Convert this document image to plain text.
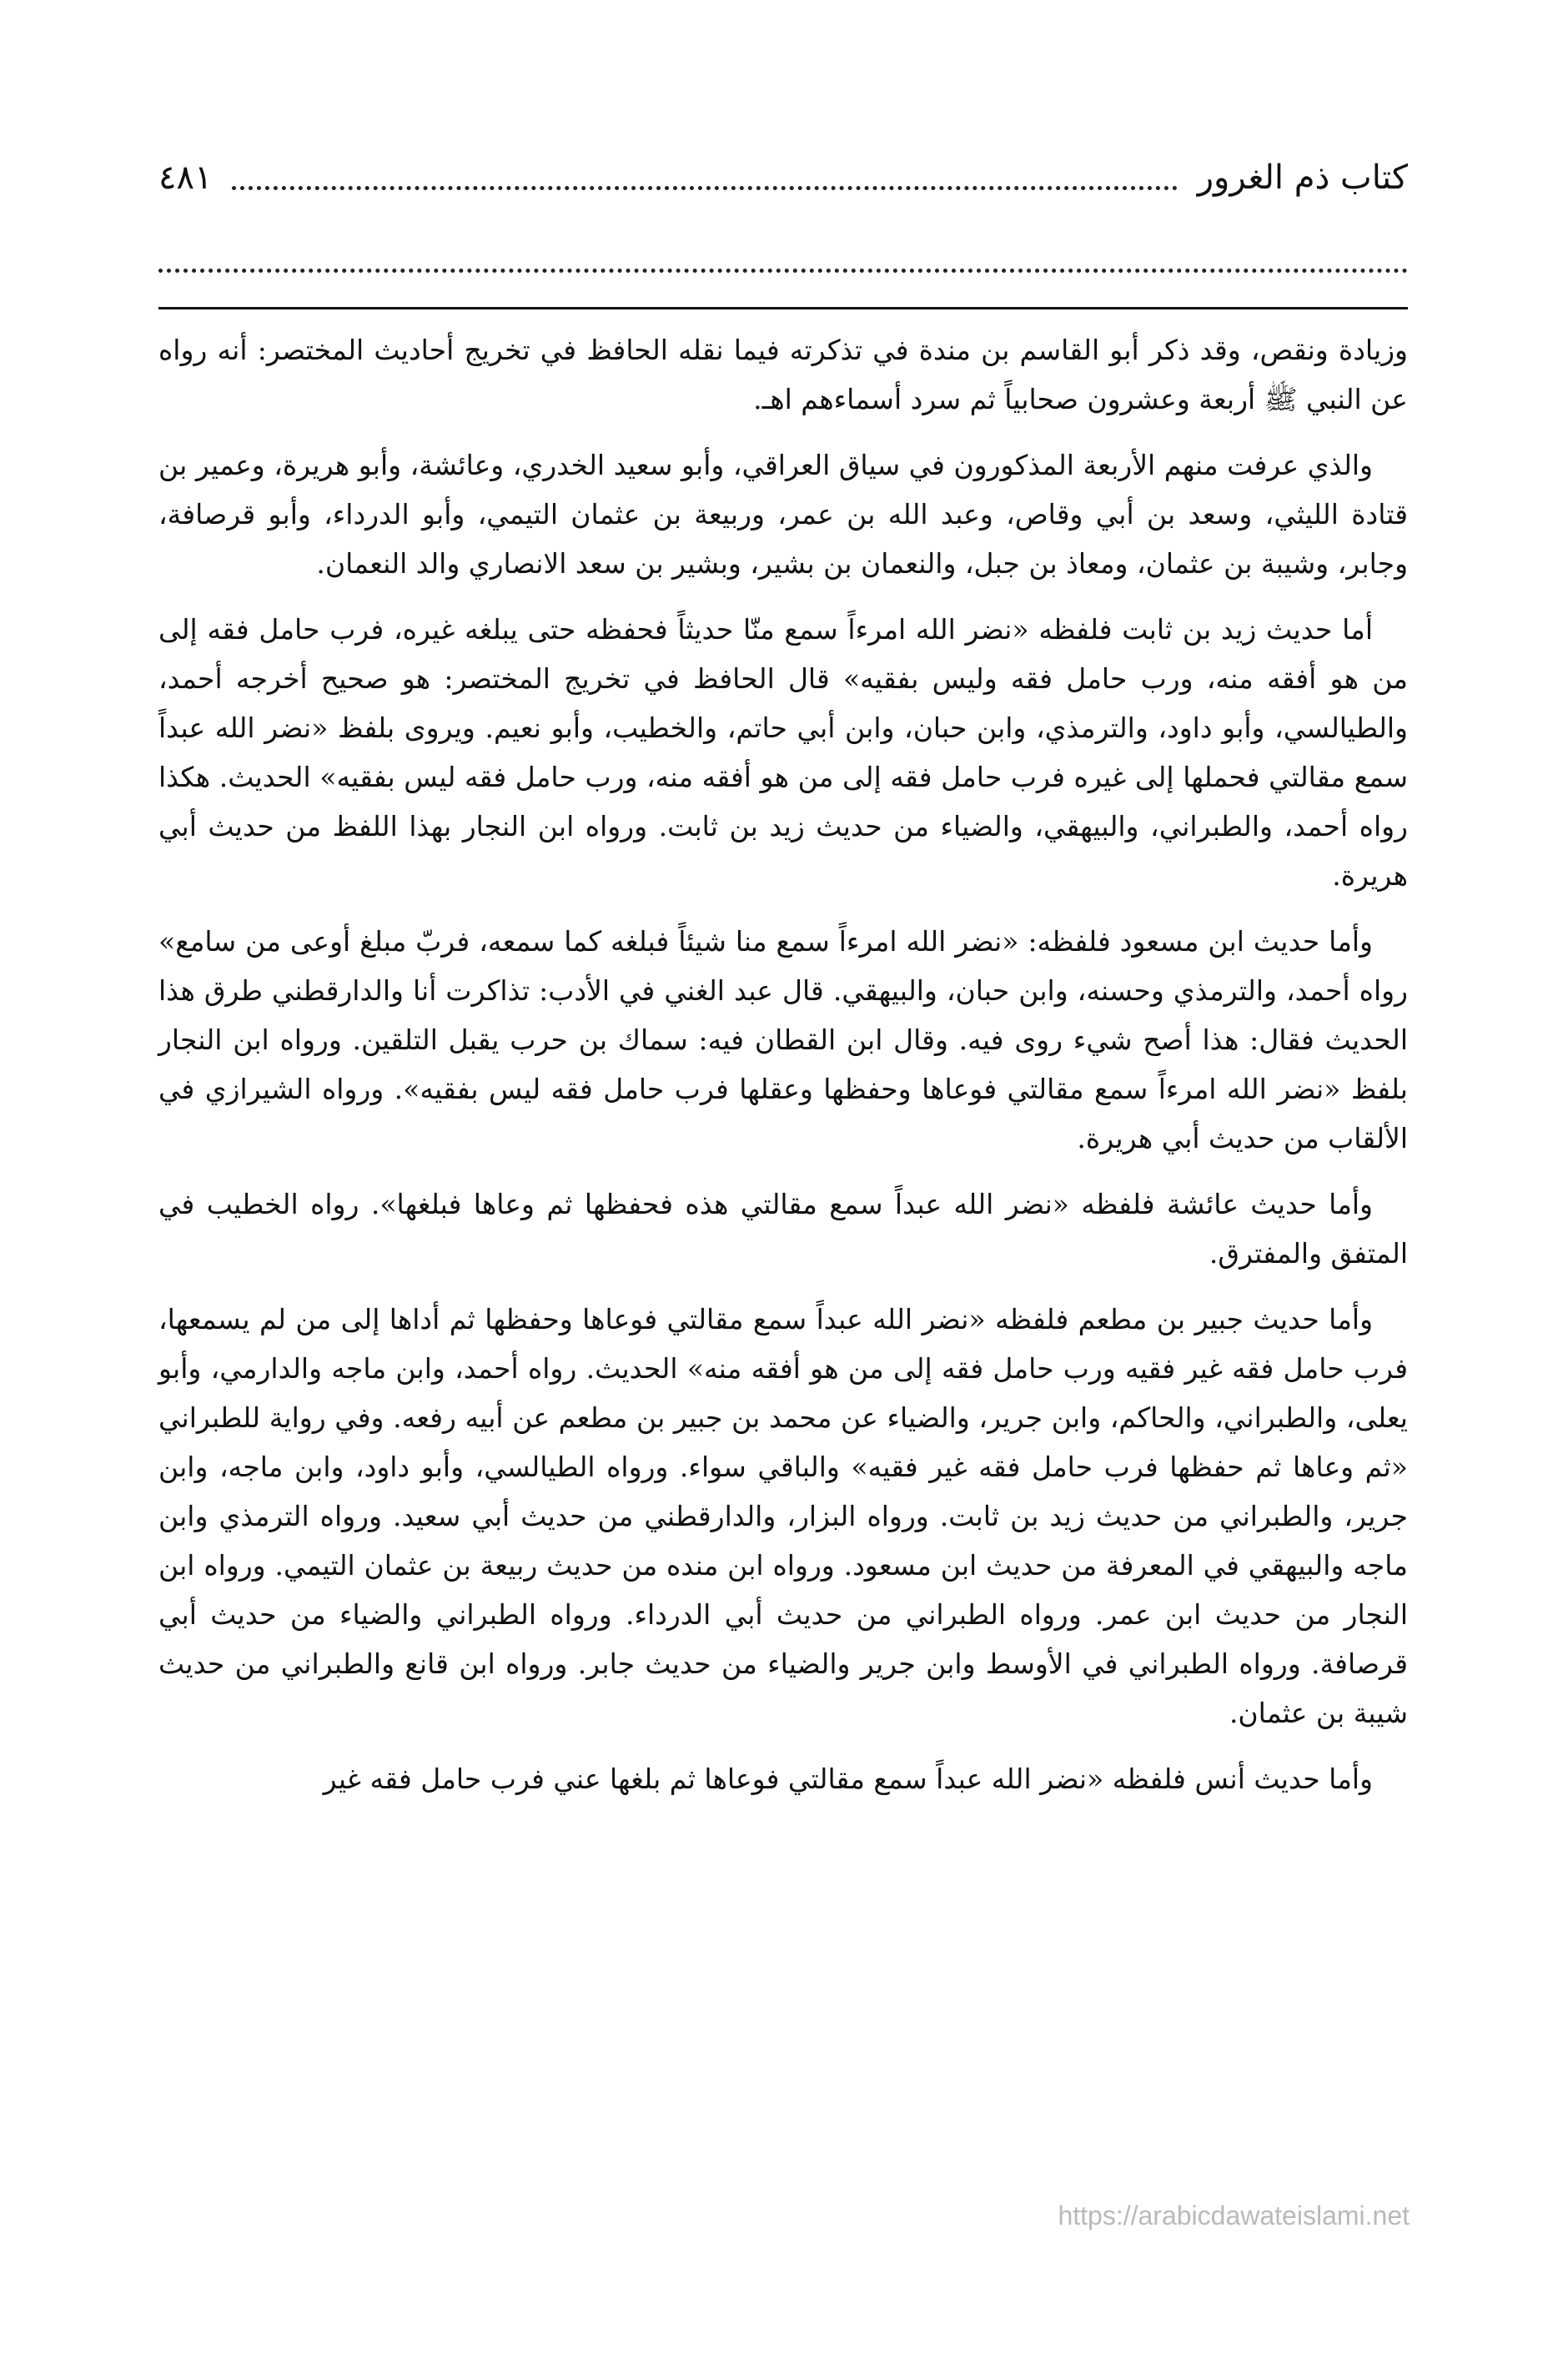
كتاب ذم الغرور
٤٨١

وزيادة ونقص، وقد ذكر أبو القاسم بن مندة في تذكرته فيما نقله الحافظ في تخريج أحاديث المختصر: أنه رواه عن النبي ﷺ أربعة وعشرون صحابياً ثم سرد أسماءهم اهـ.

والذي عرفت منهم الأربعة المذكورون في سياق العراقي، وأبو سعيد الخدري، وعائشة، وأبو هريرة، وعمير بن قتادة الليثي، وسعد بن أبي وقاص، وعبد الله بن عمر، وربيعة بن عثمان التيمي، وأبو الدرداء، وأبو قرصافة، وجابر، وشيبة بن عثمان، ومعاذ بن جبل، والنعمان بن بشير، وبشير بن سعد الانصاري والد النعمان.

أما حديث زيد بن ثابت فلفظه «نضر الله امرءاً سمع منّا حديثاً فحفظه حتى يبلغه غيره، فرب حامل فقه إلى من هو أفقه منه، ورب حامل فقه وليس بفقيه» قال الحافظ في تخريج المختصر: هو صحيح أخرجه أحمد، والطيالسي، وأبو داود، والترمذي، وابن حبان، وابن أبي حاتم، والخطيب، وأبو نعيم. ويروى بلفظ «نضر الله عبداً سمع مقالتي فحملها إلى غيره فرب حامل فقه إلى من هو أفقه منه، ورب حامل فقه ليس بفقيه» الحديث. هكذا رواه أحمد، والطبراني، والبيهقي، والضياء من حديث زيد بن ثابت. ورواه ابن النجار بهذا اللفظ من حديث أبي هريرة.

وأما حديث ابن مسعود فلفظه: «نضر الله امرءاً سمع منا شيئاً فبلغه كما سمعه، فربّ مبلغ أوعى من سامع» رواه أحمد، والترمذي وحسنه، وابن حبان، والبيهقي. قال عبد الغني في الأدب: تذاكرت أنا والدارقطني طرق هذا الحديث فقال: هذا أصح شيء روى فيه. وقال ابن القطان فيه: سماك بن حرب يقبل التلقين. ورواه ابن النجار بلفظ «نضر الله امرءاً سمع مقالتي فوعاها وحفظها وعقلها فرب حامل فقه ليس بفقيه». ورواه الشيرازي في الألقاب من حديث أبي هريرة.

وأما حديث عائشة فلفظه «نضر الله عبداً سمع مقالتي هذه فحفظها ثم وعاها فبلغها». رواه الخطيب في المتفق والمفترق.

وأما حديث جبير بن مطعم فلفظه «نضر الله عبداً سمع مقالتي فوعاها وحفظها ثم أداها إلى من لم يسمعها، فرب حامل فقه غير فقيه ورب حامل فقه إلى من هو أفقه منه» الحديث. رواه أحمد، وابن ماجه والدارمي، وأبو يعلى، والطبراني، والحاكم، وابن جرير، والضياء عن محمد بن جبير بن مطعم عن أبيه رفعه. وفي رواية للطبراني «ثم وعاها ثم حفظها فرب حامل فقه غير فقيه» والباقي سواء. ورواه الطيالسي، وأبو داود، وابن ماجه، وابن جرير، والطبراني من حديث زيد بن ثابت. ورواه البزار، والدارقطني من حديث أبي سعيد. ورواه الترمذي وابن ماجه والبيهقي في المعرفة من حديث ابن مسعود. ورواه ابن منده من حديث ربيعة بن عثمان التيمي. ورواه ابن النجار من حديث ابن عمر. ورواه الطبراني من حديث أبي الدرداء. ورواه الطبراني والضياء من حديث أبي قرصافة. ورواه الطبراني في الأوسط وابن جرير والضياء من حديث جابر. ورواه ابن قانع والطبراني من حديث شيبة بن عثمان.

وأما حديث أنس فلفظه «نضر الله عبداً سمع مقالتي فوعاها ثم بلغها عني فرب حامل فقه غير

https://arabicdawateislami.net
